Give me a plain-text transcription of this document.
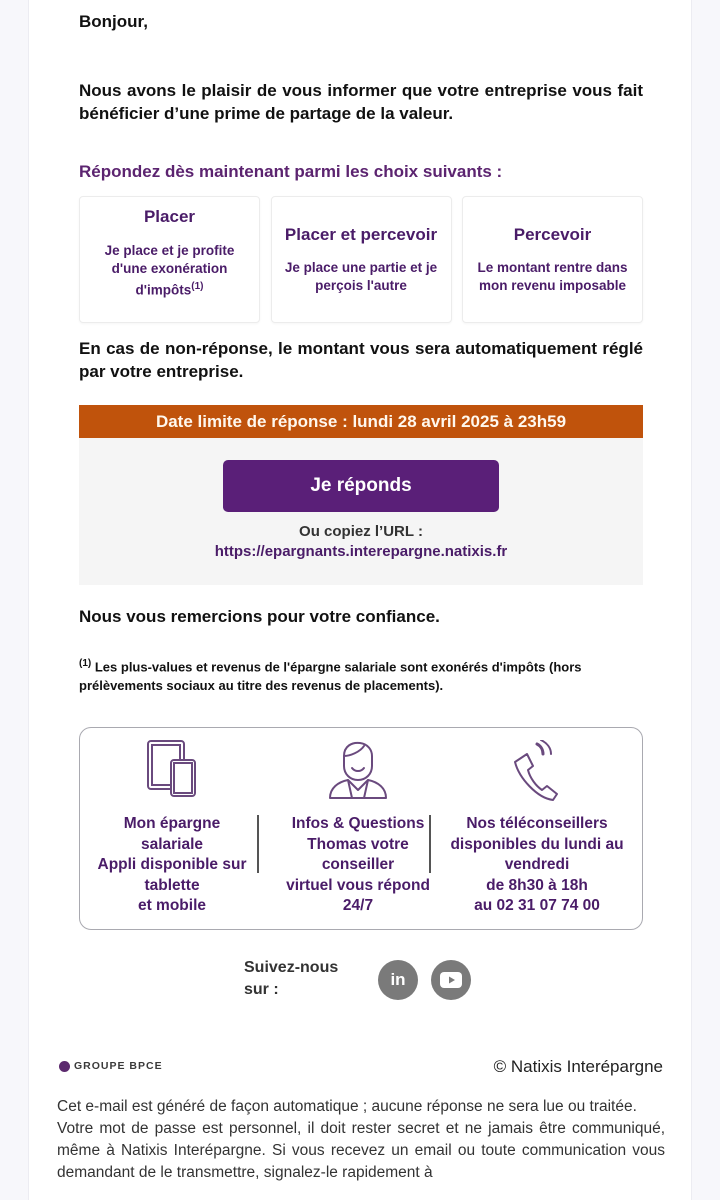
Bonjour,
Nous avons le plaisir de vous informer que votre entreprise vous fait bénéficier d’une prime de partage de la valeur.
Répondez dès maintenant parmi les choix suivants :
Placer
Je place et je profite d'une exonération d'impôts$^{(1)}$
Placer et percevoir
Je place une partie et je perçois l'autre
Percevoir
Le montant rentre dans mon revenu imposable
En cas de non-réponse, le montant vous sera automatiquement réglé par votre entreprise.
Date limite de réponse : lundi 28 avril 2025 à 23h59
Je réponds
Ou copiez l’URL :
https://epargnants.interepargne.natixis.fr
Nous vous remercions pour votre confiance.
$^{(1)}$ Les plus-values et revenus de l'épargne salariale sont exonérés d'impôts (hors prélèvements sociaux au titre des revenus de placements).
Mon épargne
salariale
Appli disponible sur
tablette
et mobile
Infos & Questions
Thomas votre
conseiller
virtuel vous répond
24/7
Nos téléconseillers
disponibles du lundi au
vendredi
de 8h30 à 18h
au 02 31 07 74 00
Suivez-nous
sur :
in
GROUPE BPCE	© Natixis Interépargne

Cet e-mail est généré de façon automatique ; aucune réponse ne sera lue ou traitée.

Votre mot de passe est personnel, il doit rester secret et ne jamais être communiqué, même à Natixis Interépargne. Si vous recevez un email ou toute communication vous demandant de le transmettre, signalez-le rapidement à
